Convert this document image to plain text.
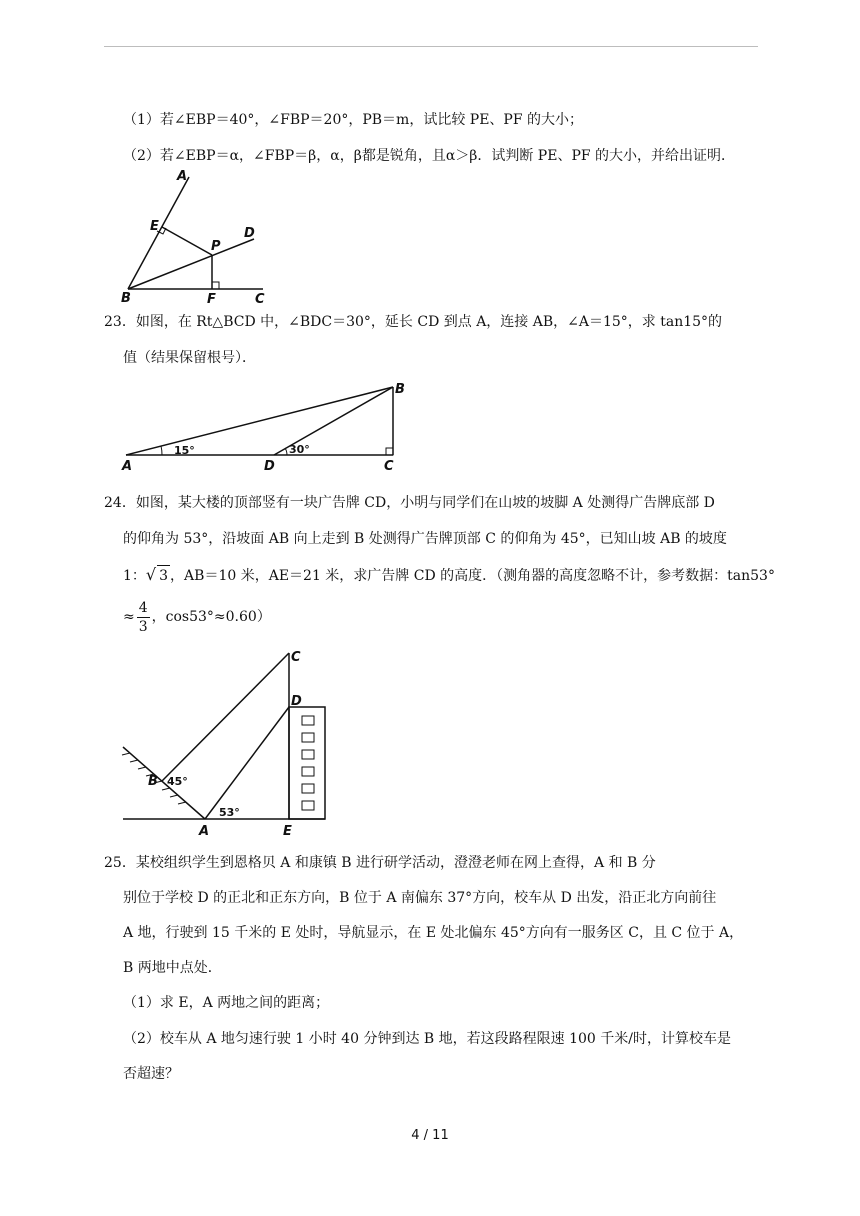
（1）若∠EBP＝40°，∠FBP＝20°，PB＝m，试比较 PE、PF 的大小；
（2）若∠EBP＝α，∠FBP＝β，α，β都是锐角，且α＞β．试判断 PE、PF 的大小，并给出证明．
A
E
P
D
B	F	C
23．如图，在 Rt△BCD 中，∠BDC＝30°，延长 CD 到点 A，连接 AB，∠A＝15°，求 tan15°的
值（结果保留根号）．
15°	30°
A	D	C
B
24．如图，某大楼的顶部竖有一块广告牌 CD，小明与同学们在山坡的坡脚 A 处测得广告牌底部 D
的仰角为 53°，沿坡面 AB 向上走到 B 处测得广告牌顶部 C 的仰角为 45°，已知山坡 AB 的坡度
1：√ 3 ，AB＝10 米，AE＝21 米，求广告牌 CD 的高度．（测角器的高度忽略不计，参考数据：tan53°
≈ $\frac{4}{3}$ ，cos53°≈0.60）
45°
53°
C
D
B
A	E
25．某校组织学生到恩格贝 A 和康镇 B 进行研学活动，澄澄老师在网上查得，A 和 B 分
别位于学校 D 的正北和正东方向，B 位于 A 南偏东 37°方向，校车从 D 出发，沿正北方向前往
A 地，行驶到 15 千米的 E 处时，导航显示，在 E 处北偏东 45°方向有一服务区 C，且 C 位于 A，
B 两地中点处．
（1）求 E，A 两地之间的距离；
（2）校车从 A 地匀速行驶 1 小时 40 分钟到达 B 地，若这段路程限速 100 千米/时，计算校车是
否超速？
4 / 11
